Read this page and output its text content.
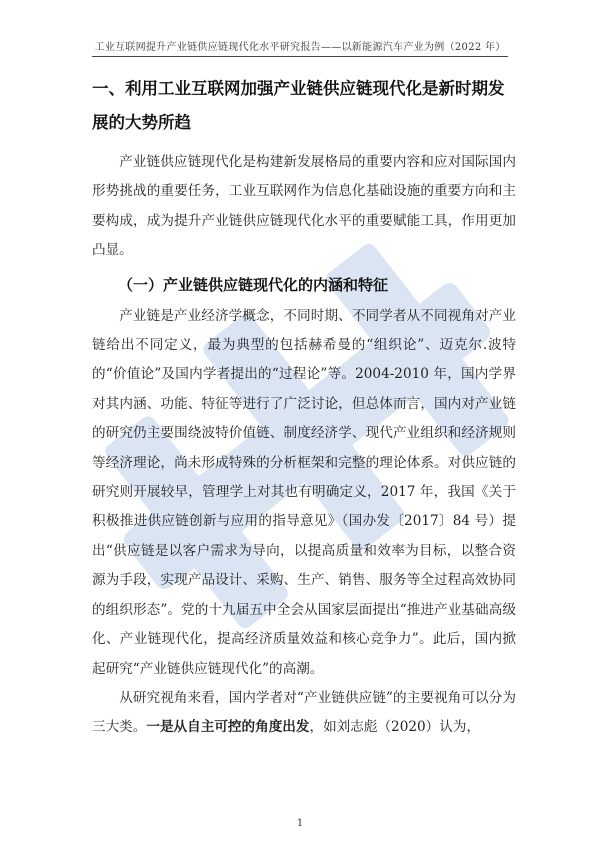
工业互联网提升产业链供应链现代化水平研究报告——以新能源汽车产业为例（2022 年）
一、利用工业互联网加强产业链供应链现代化是新时期发展的大势所趋

产业链供应链现代化是构建新发展格局的重要内容和应对国际国内形势挑战的重要任务，工业互联网作为信息化基础设施的重要方向和主要构成，成为提升产业链供应链现代化水平的重要赋能工具，作用更加凸显。

（一）产业链供应链现代化的内涵和特征

产业链是产业经济学概念，不同时期、不同学者从不同视角对产业链给出不同定义，最为典型的包括赫希曼的“组织论”、迈克尔.波特的“价值论”及国内学者提出的“过程论”等。2004-2010 年，国内学界对其内涵、功能、特征等进行了广泛讨论，但总体而言，国内对产业链的研究仍主要围绕波特价值链、制度经济学、现代产业组织和经济规则等经济理论，尚未形成特殊的分析框架和完整的理论体系。对供应链的研究则开展较早，管理学上对其也有明确定义，2017 年，我国《关于积极推进供应链创新与应用的指导意见》（国办发〔2017〕84 号）提出“供应链是以客户需求为导向，以提高质量和效率为目标，以整合资源为手段，实现产品设计、采购、生产、销售、服务等全过程高效协同的组织形态”。党的十九届五中全会从国家层面提出“推进产业基础高级化、产业链现代化，提高经济质量效益和核心竞争力”。此后，国内掀起研究“产业链供应链现代化”的高潮。

从研究视角来看，国内学者对“产业链供应链”的主要视角可以分为三大类。一是从自主可控的角度出发，如刘志彪（2020）认为，

1
